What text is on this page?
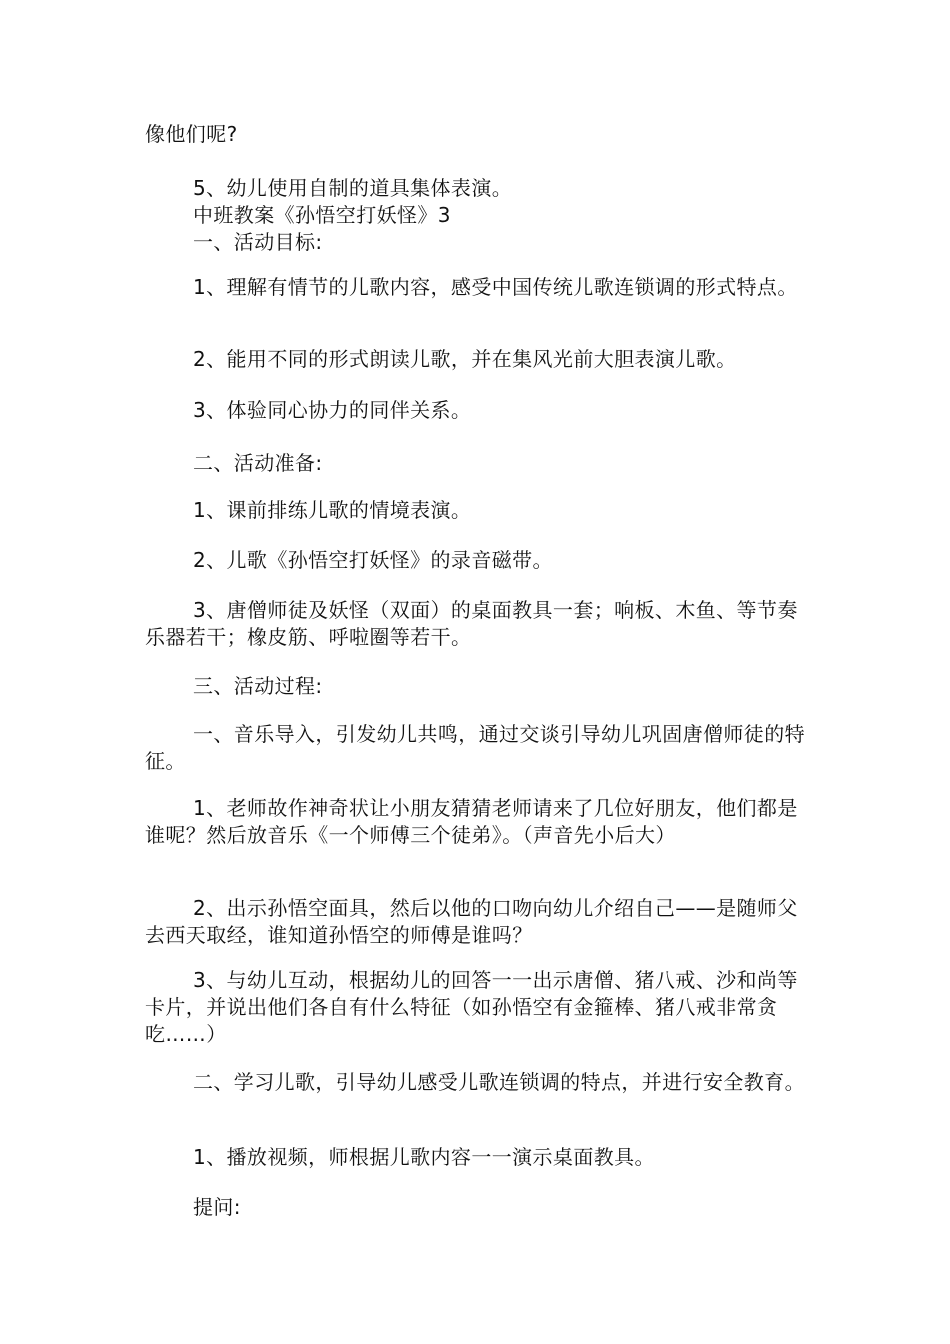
像他们呢?

5、幼儿使用自制的道具集体表演。

中班教案《孙悟空打妖怪》3

一、活动目标:

1、理解有情节的儿歌内容，感受中国传统儿歌连锁调的形式特点。

2、能用不同的形式朗读儿歌，并在集风光前大胆表演儿歌。

3、体验同心协力的同伴关系。

二、活动准备:

1、课前排练儿歌的情境表演。

2、儿歌《孙悟空打妖怪》的录音磁带。

3、唐僧师徒及妖怪（双面）的桌面教具一套；响板、木鱼、等节奏乐器若干；橡皮筋、呼啦圈等若干。

三、活动过程:

一、音乐导入，引发幼儿共鸣，通过交谈引导幼儿巩固唐僧师徒的特征。

1、老师故作神奇状让小朋友猜猜老师请来了几位好朋友，他们都是谁呢？然后放音乐《一个师傅三个徒弟》。（声音先小后大）

2、出示孙悟空面具，然后以他的口吻向幼儿介绍自己——是随师父去西天取经，谁知道孙悟空的师傅是谁吗？

3、与幼儿互动，根据幼儿的回答一一出示唐僧、猪八戒、沙和尚等卡片，并说出他们各自有什么特征（如孙悟空有金箍棒、猪八戒非常贪吃……）

二、学习儿歌，引导幼儿感受儿歌连锁调的特点，并进行安全教育。

1、播放视频，师根据儿歌内容一一演示桌面教具。

提问:
